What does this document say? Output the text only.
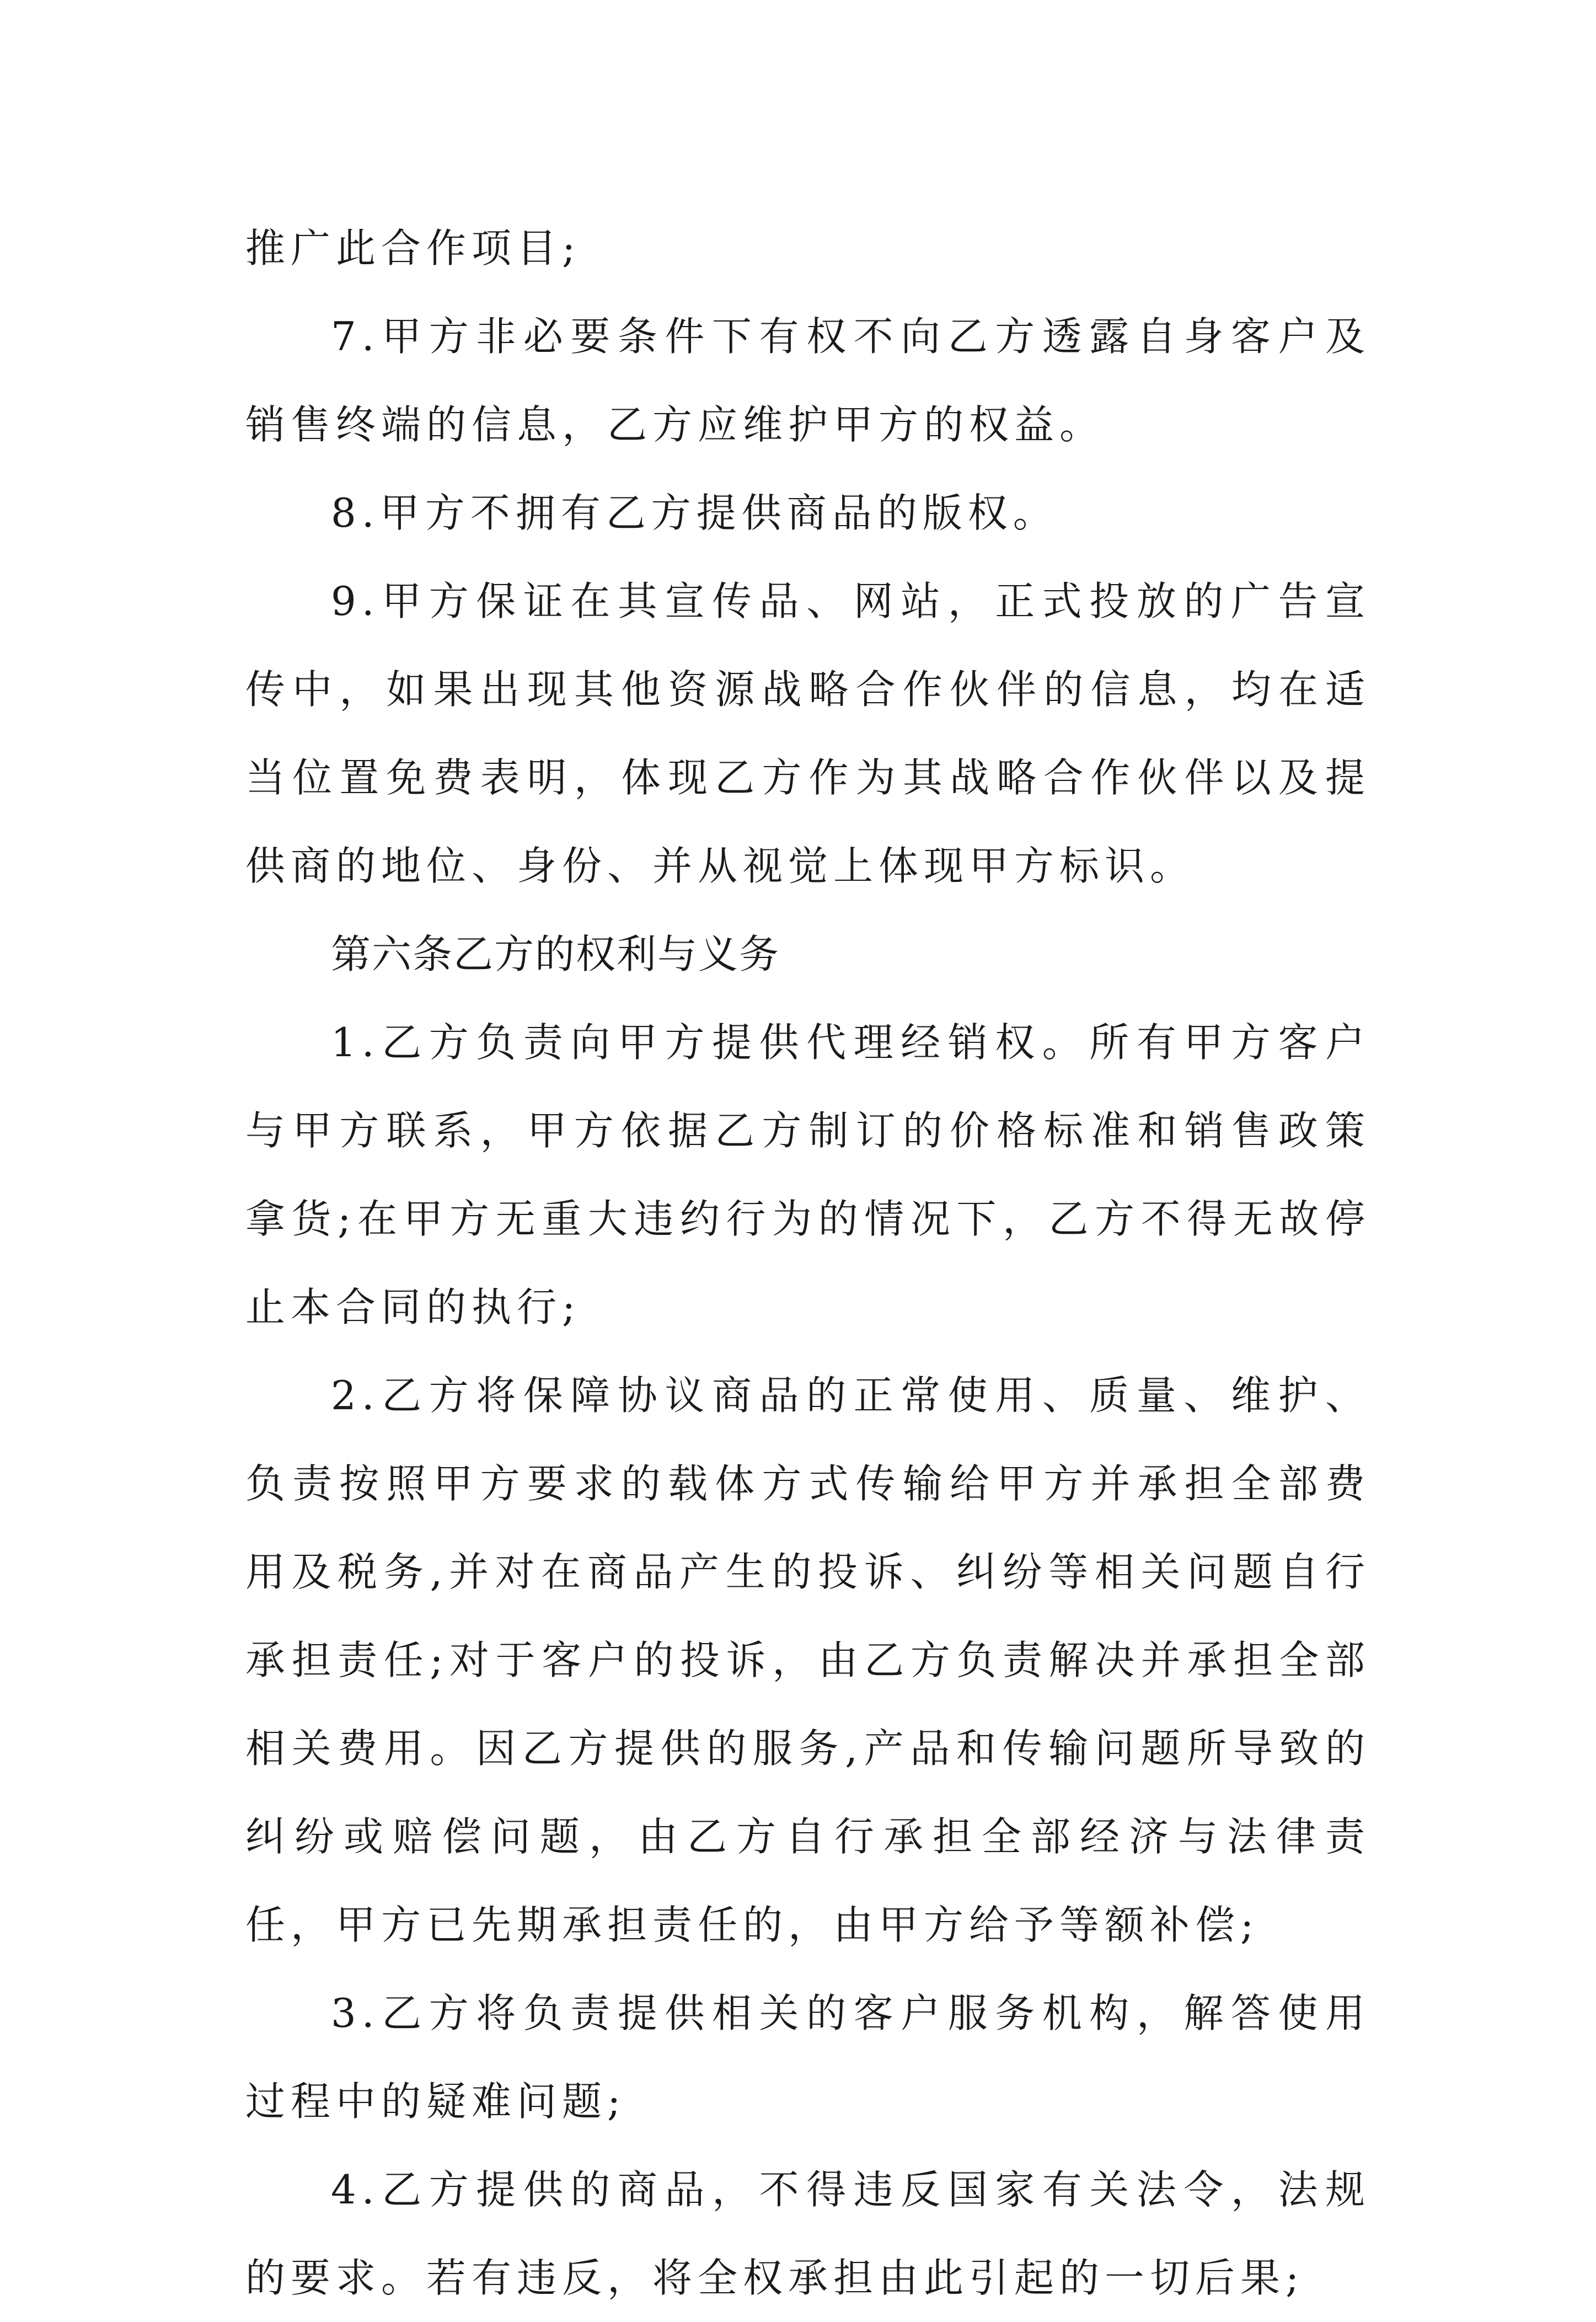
推广此合作项目;

7.甲方非必要条件下有权不向乙方透露自身客户及销售终端的信息，乙方应维护甲方的权益。

8.甲方不拥有乙方提供商品的版权。

9.甲方保证在其宣传品、网站，正式投放的广告宣传中，如果出现其他资源战略合作伙伴的信息，均在适当位置免费表明，体现乙方作为其战略合作伙伴以及提供商的地位、身份、并从视觉上体现甲方标识。

第六条乙方的权利与义务

1.乙方负责向甲方提供代理经销权。所有甲方客户与甲方联系，甲方依据乙方制订的价格标准和销售政策拿货;在甲方无重大违约行为的情况下，乙方不得无故停止本合同的执行;

2.乙方将保障协议商品的正常使用、质量、维护、负责按照甲方要求的载体方式传输给甲方并承担全部费用及税务,并对在商品产生的投诉、纠纷等相关问题自行承担责任;对于客户的投诉，由乙方负责解决并承担全部相关费用。因乙方提供的服务,产品和传输问题所导致的纠纷或赔偿问题，由乙方自行承担全部经济与法律责任，甲方已先期承担责任的，由甲方给予等额补偿;

3.乙方将负责提供相关的客户服务机构，解答使用过程中的疑难问题;

4.乙方提供的商品，不得违反国家有关法令，法规的要求。若有违反，将全权承担由此引起的一切后果;
